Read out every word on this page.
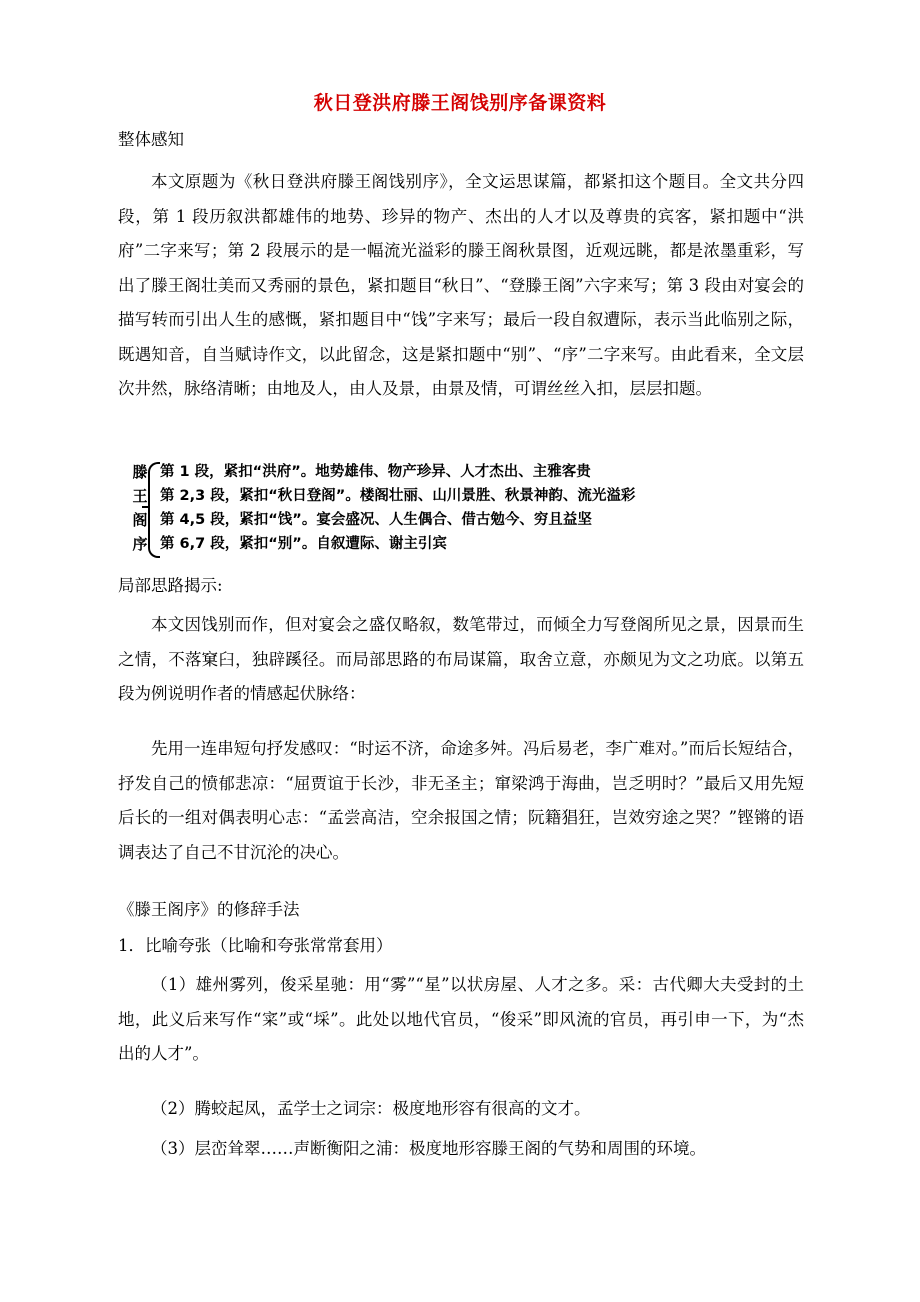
秋日登洪府滕王阁饯别序备课资料
整体感知
本文原题为《秋日登洪府滕王阁饯别序》，全文运思谋篇，都紧扣这个题目。全文共分四段，第 1 段历叙洪都雄伟的地势、珍异的物产、杰出的人才以及尊贵的宾客，紧扣题中“洪府”二字来写；第 2 段展示的是一幅流光溢彩的滕王阁秋景图，近观远眺，都是浓墨重彩，写出了滕王阁壮美而又秀丽的景色，紧扣题目“秋日”、“登滕王阁”六字来写；第 3 段由对宴会的描写转而引出人生的感慨，紧扣题目中“饯”字来写；最后一段自叙遭际，表示当此临别之际，既遇知音，自当赋诗作文，以此留念，这是紧扣题中“别”、“序”二字来写。由此看来，全文层次井然，脉络清晰；由地及人，由人及景，由景及情，可谓丝丝入扣，层层扣题。
滕
王
阁
序
第 1 段，紧扣“洪府”。地势雄伟、物产珍异、人才杰出、主雅客贵
第 2,3 段，紧扣“秋日登阁”。楼阁壮丽、山川景胜、秋景神韵、流光溢彩
第 4,5 段，紧扣“饯”。宴会盛况、人生偶合、借古勉今、穷且益坚
第 6,7 段，紧扣“别”。自叙遭际、谢主引宾
局部思路揭示:
本文因饯别而作，但对宴会之盛仅略叙，数笔带过，而倾全力写登阁所见之景，因景而生之情，不落窠臼，独辟蹊径。而局部思路的布局谋篇，取舍立意，亦颇见为文之功底。以第五段为例说明作者的情感起伏脉络：
先用一连串短句抒发感叹：“时运不济，命途多舛。冯后易老，李广难对。”而后长短结合，抒发自己的愤郁悲凉：“屈贾谊于长沙，非无圣主；窜梁鸿于海曲，岂乏明时？”最后又用先短后长的一组对偶表明心志：“孟尝高洁，空余报国之情；阮籍猖狂，岂效穷途之哭？”铿锵的语调表达了自己不甘沉沦的决心。
《滕王阁序》的修辞手法
1．比喻夸张（比喻和夸张常常套用）
（1）雄州雾列，俊采星驰：用“雾”“星”以状房屋、人才之多。采：古代卿大夫受封的土地，此义后来写作“寀”或“埰”。此处以地代官员，“俊采”即风流的官员，再引申一下，为“杰出的人才”。
（2）腾蛟起凤，孟学士之词宗：极度地形容有很高的文才。
（3）层峦耸翠……声断衡阳之浦：极度地形容滕王阁的气势和周围的环境。
